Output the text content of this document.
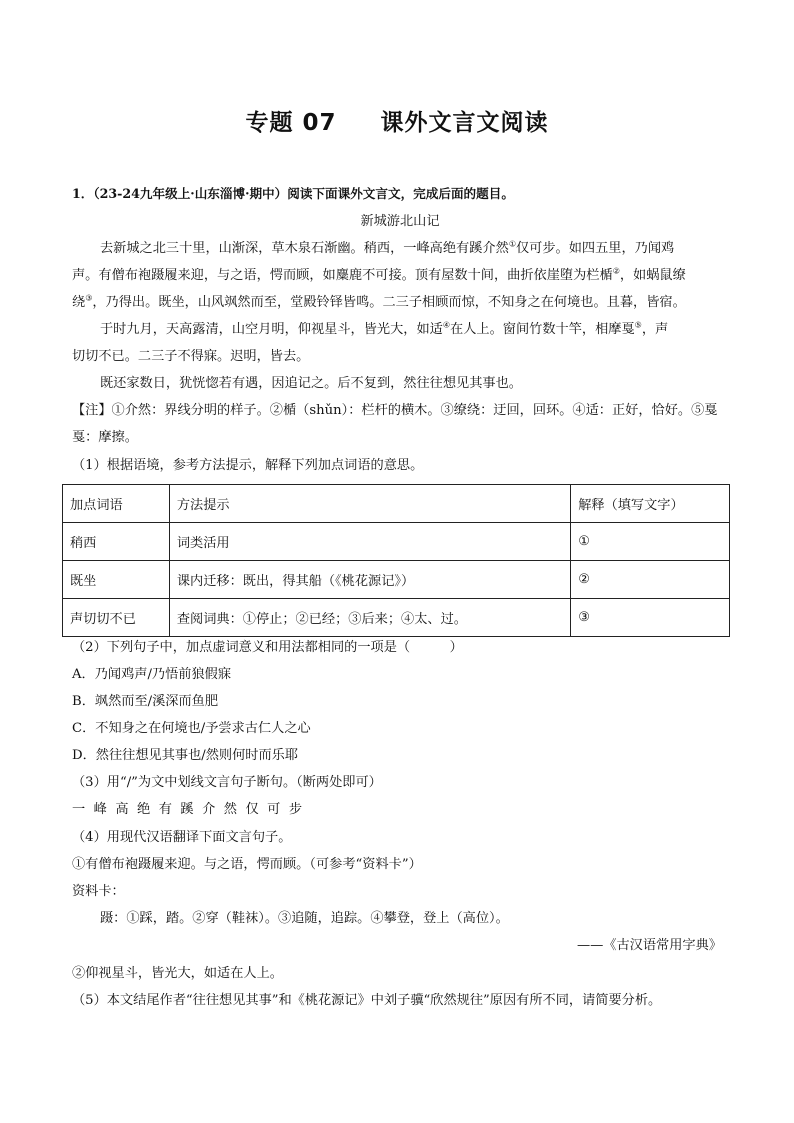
专题 07 课外文言文阅读
1．（23-24九年级上·山东淄博·期中）阅读下面课外文言文，完成后面的题目。
新城游北山记
去新城之北三十里，山渐深，草木泉石渐幽。稍西，一峰高绝有蹊介然①仅可步。如四五里，乃闻鸡
声。有僧布袍蹑履来迎，与之语，愕而顾，如麋鹿不可接。顶有屋数十间，曲折依崖堕为栏楯②，如蜗鼠缭
绕③，乃得出。既坐，山风飒然而至，堂殿铃铎皆鸣。二三子相顾而惊，不知身之在何境也。且暮，皆宿。
于时九月，天高露清，山空月明，仰视星斗，皆光大，如适④在人上。窗间竹数十竿，相摩戛⑤，声
切切不已。二三子不得寐。迟明，皆去。
既还家数日，犹恍惚若有遇，因追记之。后不复到，然往往想见其事也。
【注】①介然：界线分明的样子。②楯（shǔn）：栏杆的横木。③缭绕：迂回，回环。④适：正好，恰好。⑤戛
戛：摩擦。
（1）根据语境，参考方法提示，解释下列加点词语的意思。
加点词语	方法提示	解释（填写文字）
稍西	词类活用	①
既坐	课内迁移：既出，得其船（《桃花源记》）	②
声切切不已	查阅词典：①停止；②已经；③后来；④太、过。	③
（2）下列句子中，加点虚词意义和用法都相同的一项是（　　　）
A．乃闻鸡声/乃悟前狼假寐
B．飒然而至/溪深而鱼肥
C．不知身之在何境也/予尝求古仁人之心
D．然往往想见其事也/然则何时而乐耶
（3）用“/”为文中划线文言句子断句。（断两处即可）
一峰高绝有蹊介然仅可步
（4）用现代汉语翻译下面文言句子。
①有僧布袍蹑履来迎。与之语，愕而顾。（可参考“资料卡”）
资料卡：
蹑：①踩，踏。②穿（鞋袜）。③追随，追踪。④攀登，登上（高位）。
——《古汉语常用字典》
②仰视星斗，皆光大，如适在人上。
（5）本文结尾作者“往往想见其事”和《桃花源记》中刘子骥“欣然规往”原因有所不同，请简要分析。
